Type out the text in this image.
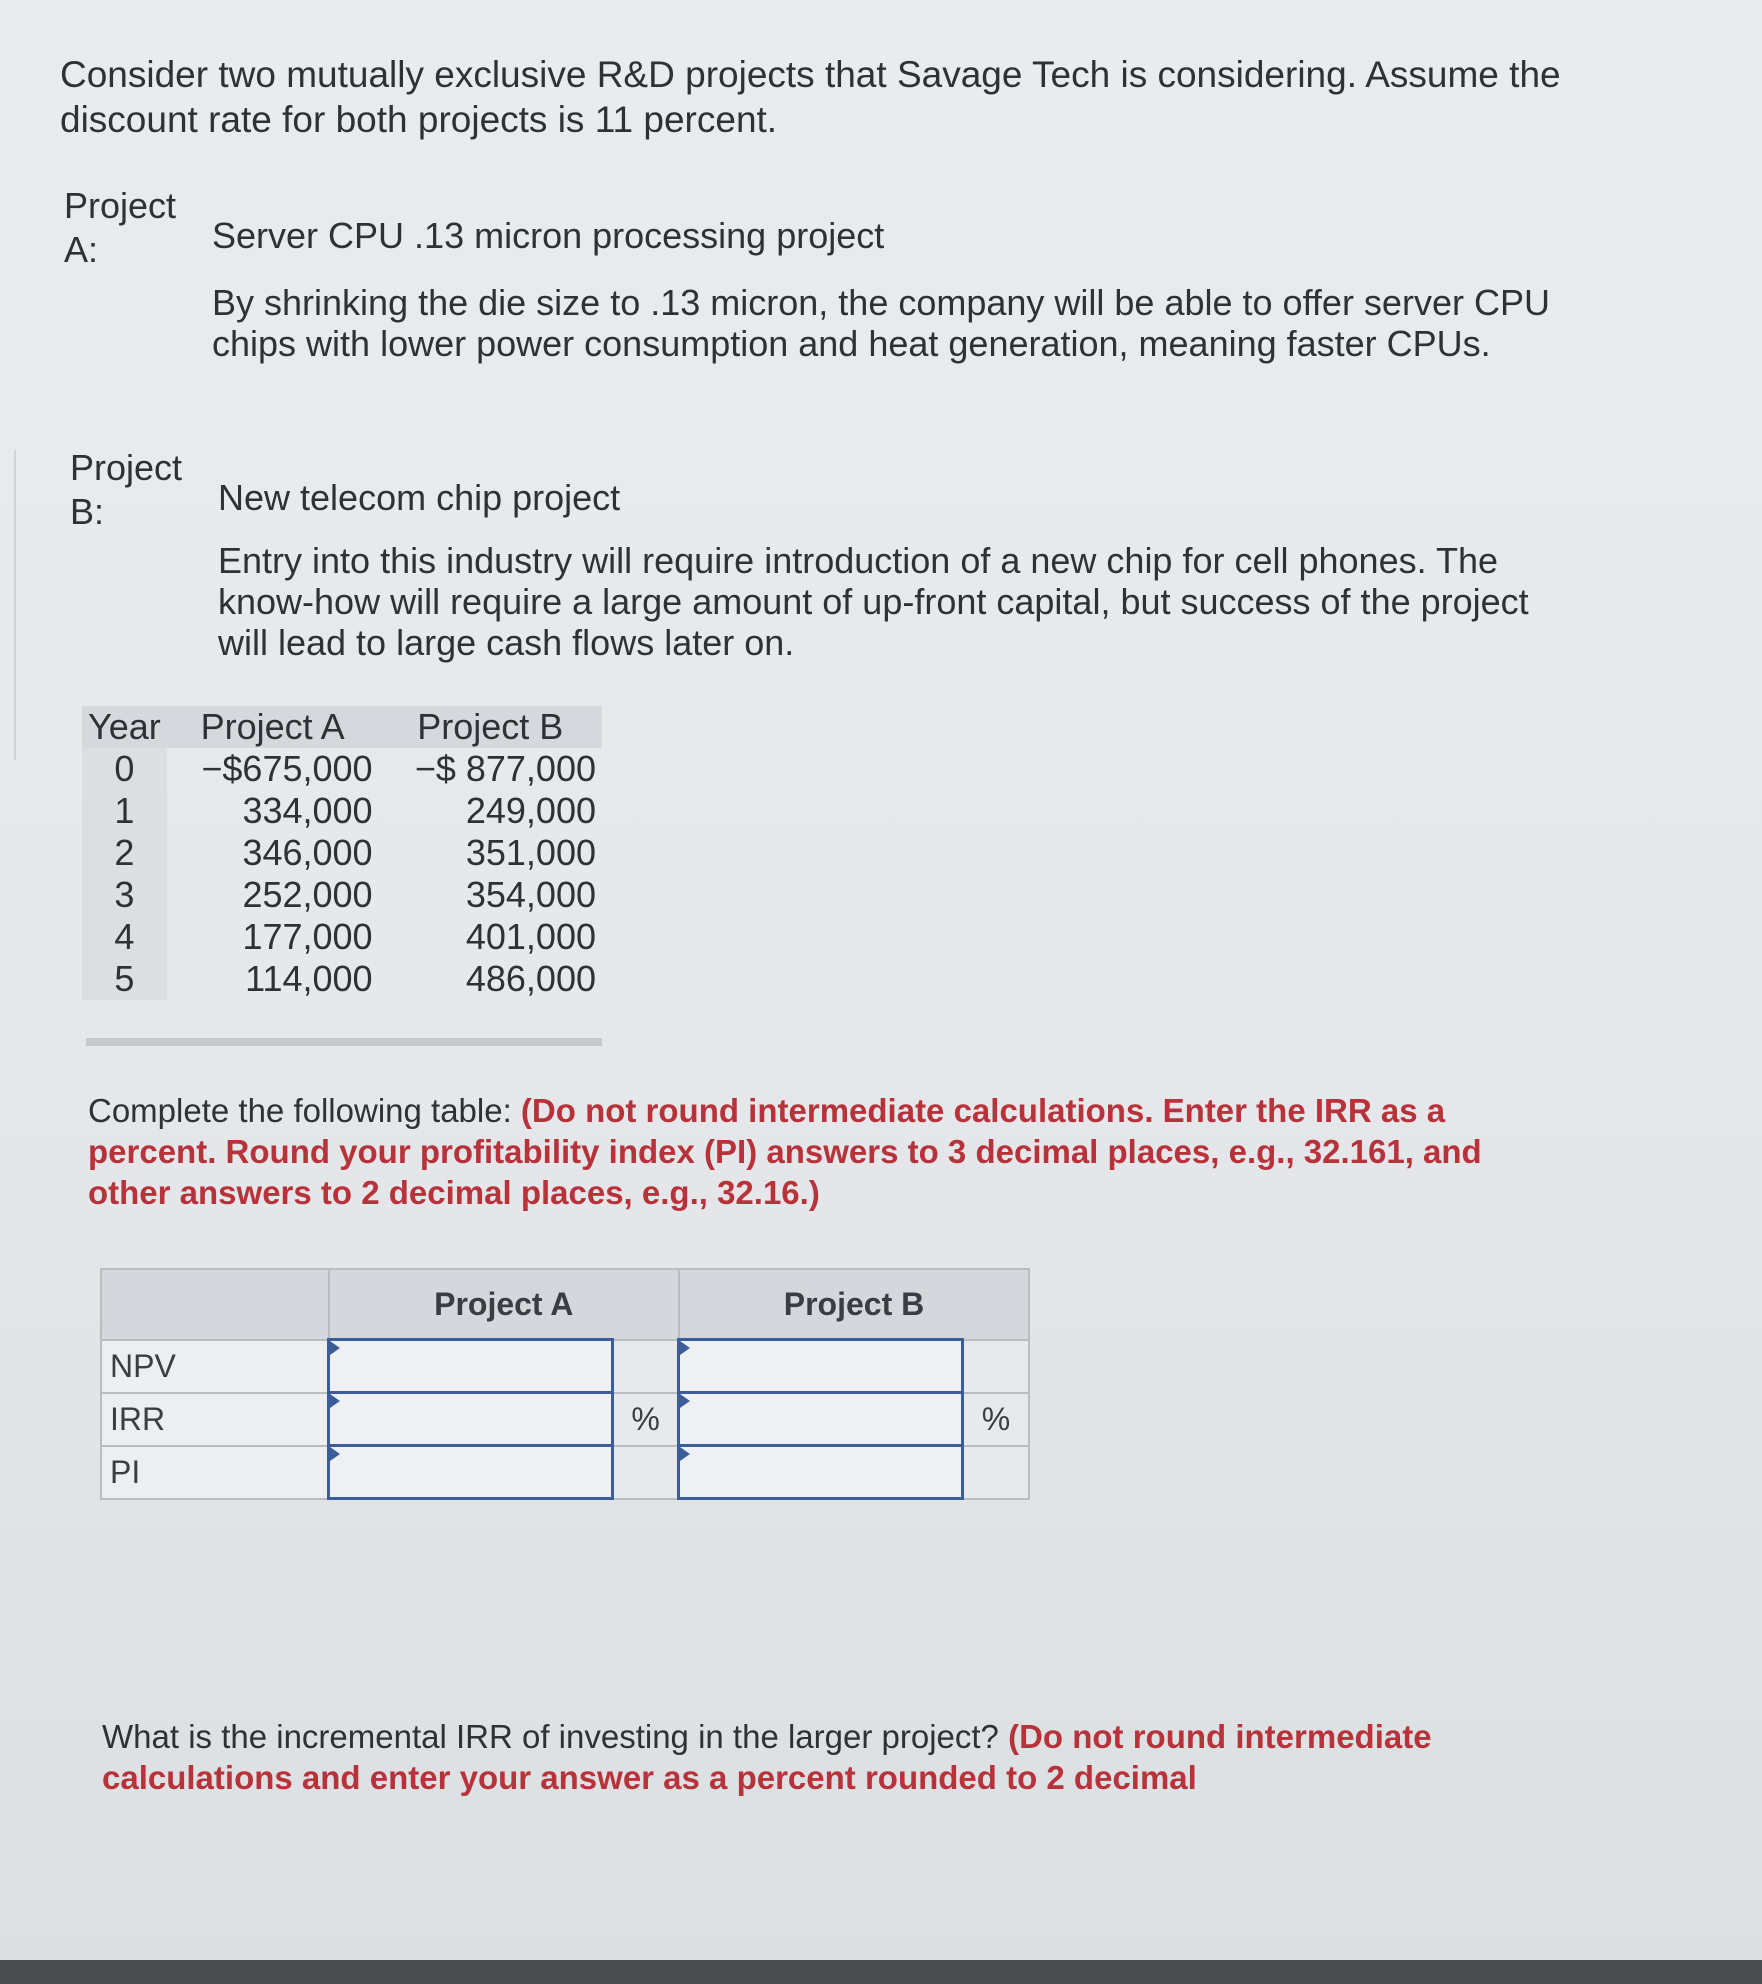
Consider two mutually exclusive R&D projects that Savage Tech is considering. Assume the discount rate for both projects is 11 percent.

Project A:	Server CPU .13 micron processing project

By shrinking the die size to .13 micron, the company will be able to offer server CPU chips with lower power consumption and heat generation, meaning faster CPUs.

Project B:	New telecom chip project

Entry into this industry will require introduction of a new chip for cell phones. The know-how will require a large amount of up-front capital, but success of the project will lead to large cash flows later on.

Year	Project A	Project B
0	−$675,000	−$ 877,000
1	334,000	249,000
2	346,000	351,000
3	252,000	354,000
4	177,000	401,000
5	114,000	486,000

Complete the following table: (Do not round intermediate calculations. Enter the IRR as a percent. Round your profitability index (PI) answers to 3 decimal places, e.g., 32.161, and other answers to 2 decimal places, e.g., 32.16.)

	Project A		Project B	
NPV				
IRR		%		%
PI				

What is the incremental IRR of investing in the larger project? (Do not round intermediate calculations and enter your answer as a percent rounded to 2 decimal
